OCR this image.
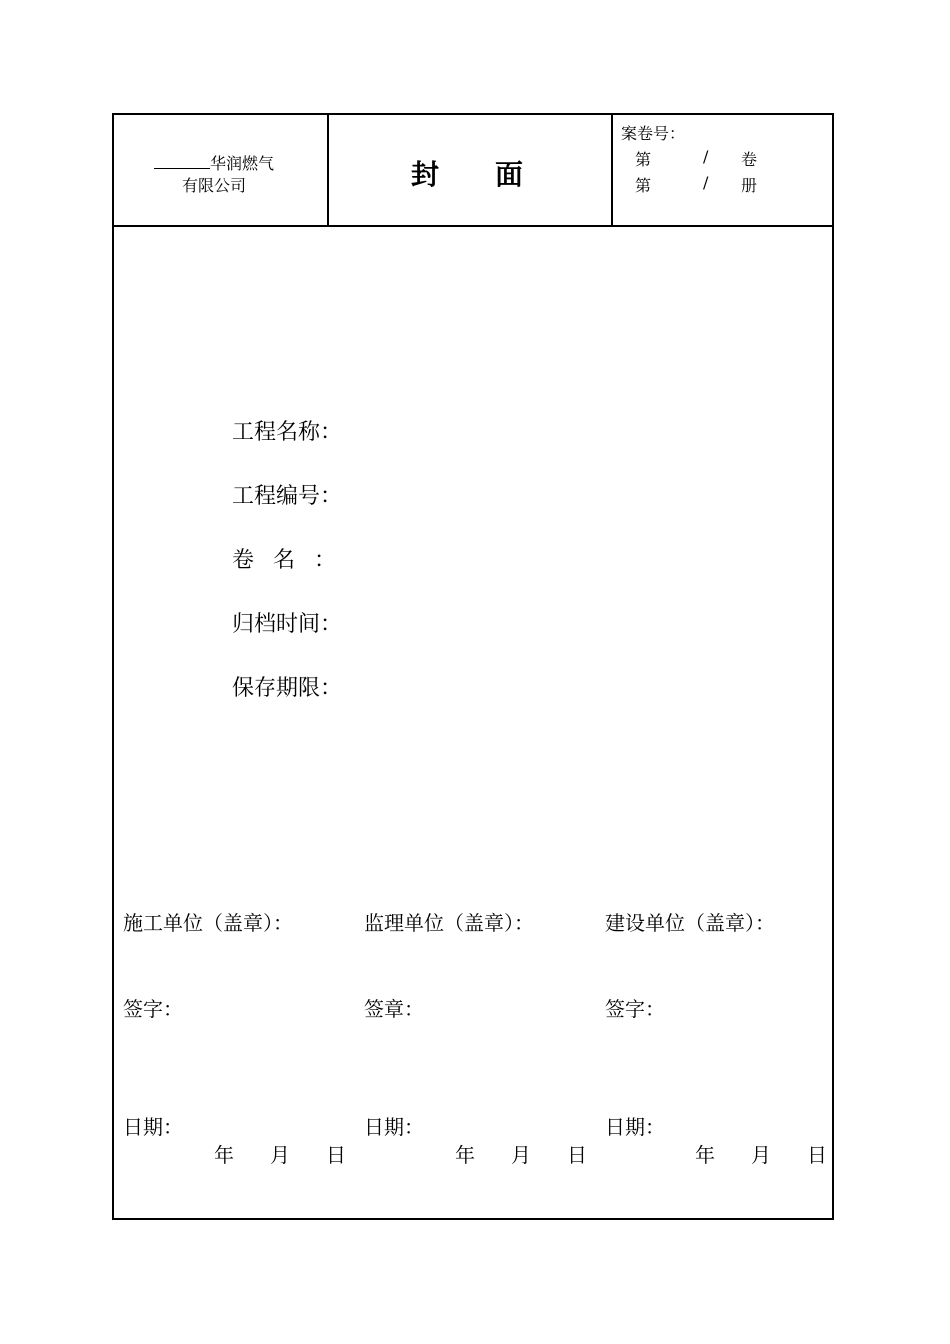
华润燃气
有限公司	封面
案卷号：
第	/ 卷
第	/ 册
工程名称：
工程编号：
卷名：
归档时间：
保存期限：
施工单位（盖章）：	监理单位（盖章）：	建设单位（盖章）：
签字：	签章：	签字：
日期：	日期：	日期：
年 月 日	年 月 日	年 月 日
